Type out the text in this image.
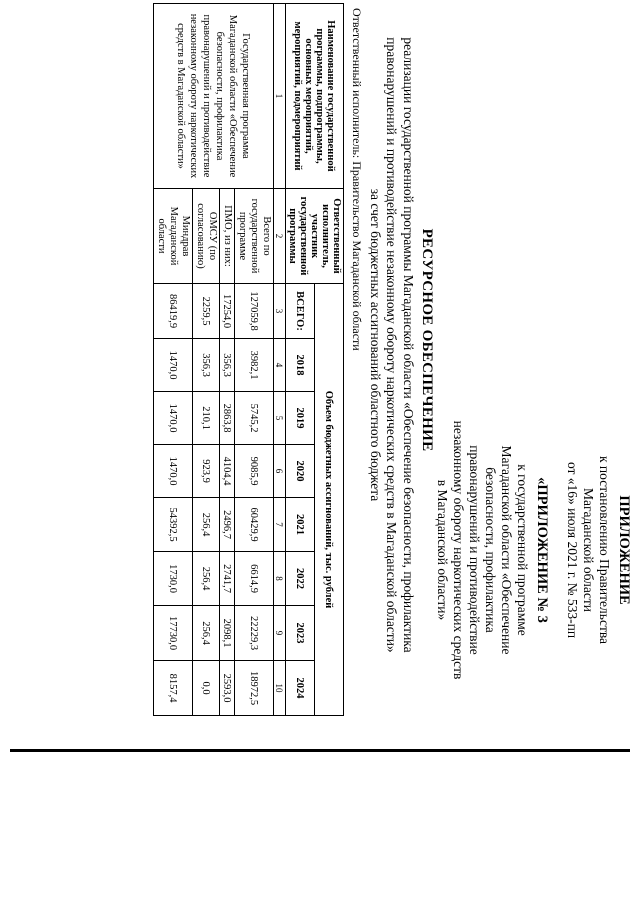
ПРИЛОЖЕНИЕ
к постановлению Правительства
Магаданской области
от «16» июля 2021 г. № 533-пп
«ПРИЛОЖЕНИЕ № 3
к государственной программе
Магаданской области «Обеспечение
безопасности, профилактика
правонарушений и противодействие
незаконному обороту наркотических средств
в Магаданской области»
РЕСУРСНОЕ ОБЕСПЕЧЕНИЕ
реализации государственной программы Магаданской области «Обеспечение безопасности, профилактика
правонарушений и противодействие незаконному обороту наркотических средств в Магаданской области»
за счет бюджетных ассигнований областного бюджета
Ответственный исполнитель: Правительство Магаданской области
Наименование государственной программы, подпрограммы, основных мероприятий, мероприятий, подмероприятий	Ответственный исполнитель, участник государственной программы	Объем бюджетных ассигнований, тыс. рублей							
		ВСЕГО:	2018	2019	2020	2021	2022	2023	2024
1	2	3	4	5	6	7	8	9	10
Государственная программа Магаданской области «Обеспечение безопасности, профилактика правонарушений и противодействие незаконному обороту наркотических средств в Магаданской области»	Всего по государственной программе	127059,8	3982,1	5745,2	9085,9	60429,9	6614,9	22229,3	18972,5
	ПМО, из них:	17254,0	356,3	2863,8	4104,4	2496,7	2741,7	2098,1	2593,0
	ОМСУ (по согласованию)	2259,5	356,3	210,1	923,9	256,4	256,4	256,4	0,0
	Миндрав Магаданской области	86419,9	1470,0	1470,0	1470,0	54392,5	1730,0	17730,0	8157,4
